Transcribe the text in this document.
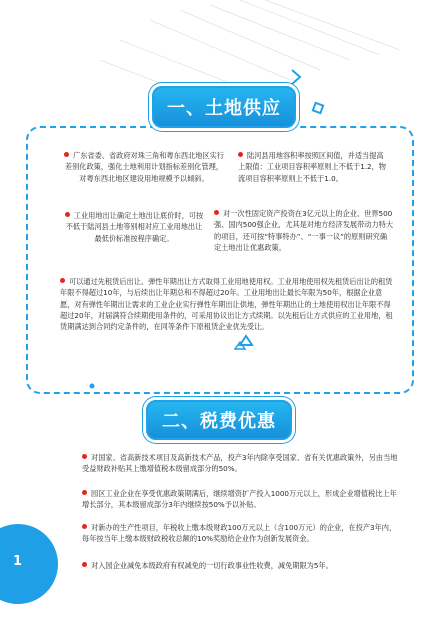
一、土地供应
广东省委、省政府对珠三角和粤东西北地区实行差别化政策，强化土地利用计划指标差别化管理，对粤东西北地区建设用地规模予以倾斜。
陆河县用地容积率按照区间值，并适当提高上限值：工业项目容积率原则上不低于1.2，物流项目容积率原则上不低于1.0。
工业用地出让确定土地出让底价时，可按不低于陆河县土地等别相对应工业用地出让最低价标准按程序确定。
对一次性固定资产投资在3亿元以上的企业、世界500强、国内500强企业，尤其是对地方经济发展带动力特大的项目，还可按“特事特办”、“一事一议”的原则研究确定土地出让优惠政策。
可以通过先租赁后出让、弹性年期出让方式取得工业用地使用权。工业用地使用权先租赁后出让的租赁年限不得超过10年，与后续出让年期总和不得超过20年。工业用地出让最长年限为50年，根据企业意愿，对有弹性年期出让需求的工业企业实行弹性年期出让供地，弹性年期出让的土地使用权出让年限不得超过20年，对届满符合续期使用条件的，可采用协议出让方式续期。以先租后让方式供应的工业用地，租赁期满达到合同约定条件的，在同等条件下原租赁企业优先受让。
二、税费优惠
对国家、省高新技术项目及高新技术产品，投产3年内除享受国家、省有关优惠政策外，另由当地受益财政补贴其上缴增值税本级留成部分的50%。
园区工业企业在享受优惠政策期满后，继续增资扩产投入1000万元以上，形成企业增值税比上年增长部分，其本级留成部分3年内继续按50%予以补贴。
对新办的生产性项目，年税收上缴本级财政100万元以上（含100万元）的企业，在投产3年内，每年按当年上缴本级财政税收总额的10%奖励给企业作为创新发展资金。
对入园企业减免本级政府有权减免的一切行政事业性收费，减免期限为5年。
1
